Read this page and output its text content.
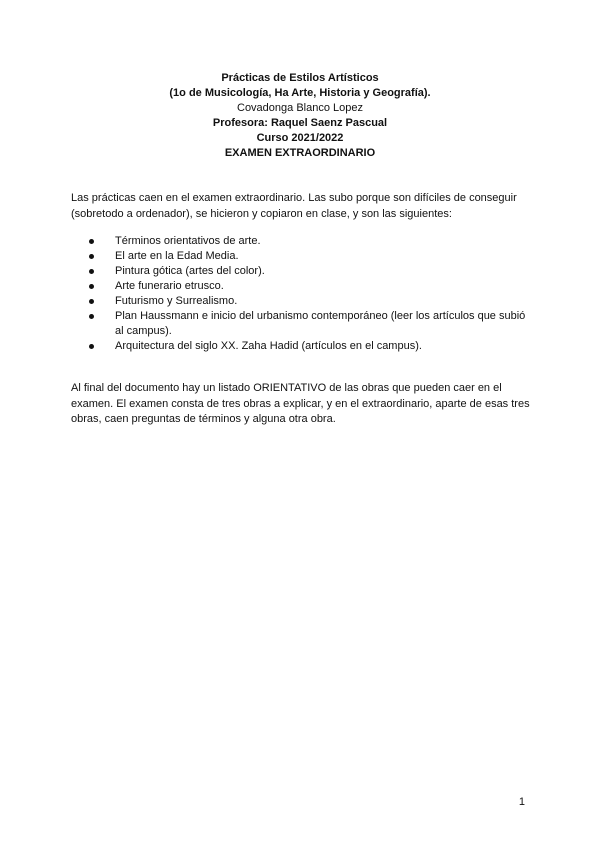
Prácticas de Estilos Artísticos
(1o de Musicología, Ha Arte, Historia y Geografía).
Covadonga Blanco Lopez
Profesora: Raquel Saenz Pascual
Curso 2021/2022
EXAMEN EXTRAORDINARIO

Las prácticas caen en el examen extraordinario. Las subo porque son difíciles de conseguir (sobretodo a ordenador), se hicieron y copiaron en clase, y son las siguientes:

Términos orientativos de arte.
El arte en la Edad Media.
Pintura gótica (artes del color).
Arte funerario etrusco.
Futurismo y Surrealismo.
Plan Haussmann e inicio del urbanismo contemporáneo (leer los artículos que subió al campus).
Arquitectura del siglo XX. Zaha Hadid (artículos en el campus).
Al final del documento hay un listado ORIENTATIVO de las obras que pueden caer en el examen. El examen consta de tres obras a explicar, y en el extraordinario, aparte de esas tres obras, caen preguntas de términos y alguna otra obra.
1
